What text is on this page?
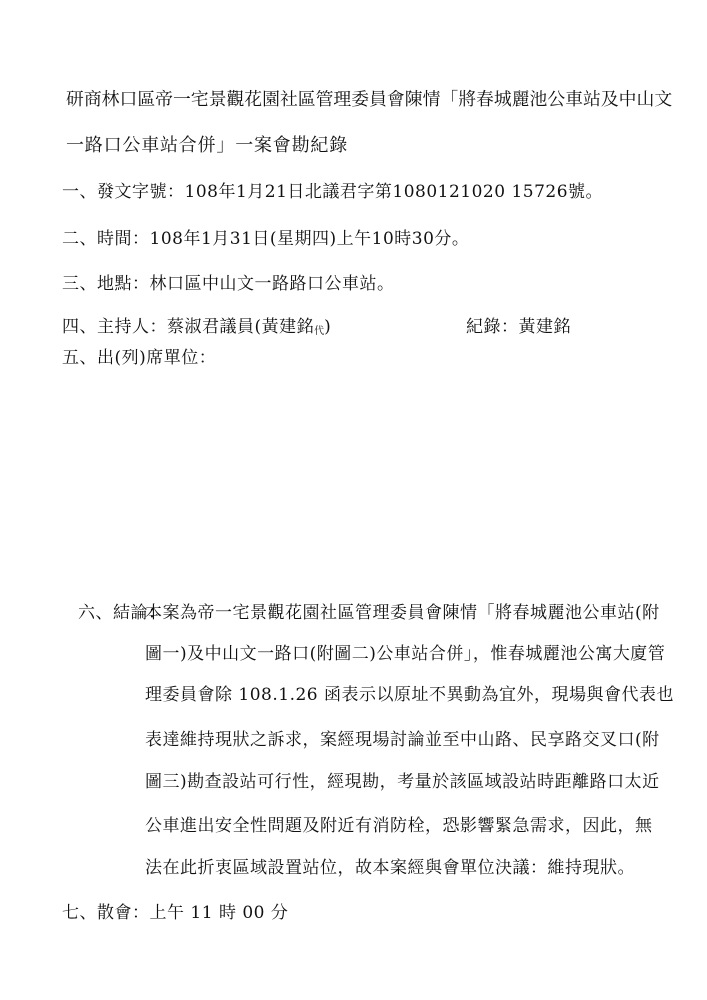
研商林口區帝一宅景觀花園社區管理委員會陳情「將春城麗池公車站及中山文
一路口公車站合併」一案會勘紀錄
一、發文字號：108年1月21日北議君字第1080121020 15726號。
二、時間：108年1月31日(星期四)上午10時30分。
三、地點：林口區中山文一路路口公車站。
四、主持人：蔡淑君議員(黃建銘$_代$)	紀錄：黃建銘
五、出(列)席單位：
六、結論：
本案為帝一宅景觀花園社區管理委員會陳情「將春城麗池公車站(附
圖一)及中山文一路口(附圖二)公車站合併」，惟春城麗池公寓大廈管
理委員會除 108.1.26 函表示以原址不異動為宜外，現場與會代表也
表達維持現狀之訴求，案經現場討論並至中山路、民享路交叉口(附
圖三)勘查設站可行性，經現勘，考量於該區域設站時距離路口太近
公車進出安全性問題及附近有消防栓，恐影響緊急需求，因此，無
法在此折衷區域設置站位，故本案經與會單位決議：維持現狀。
七、散會：上午 11 時 00 分
